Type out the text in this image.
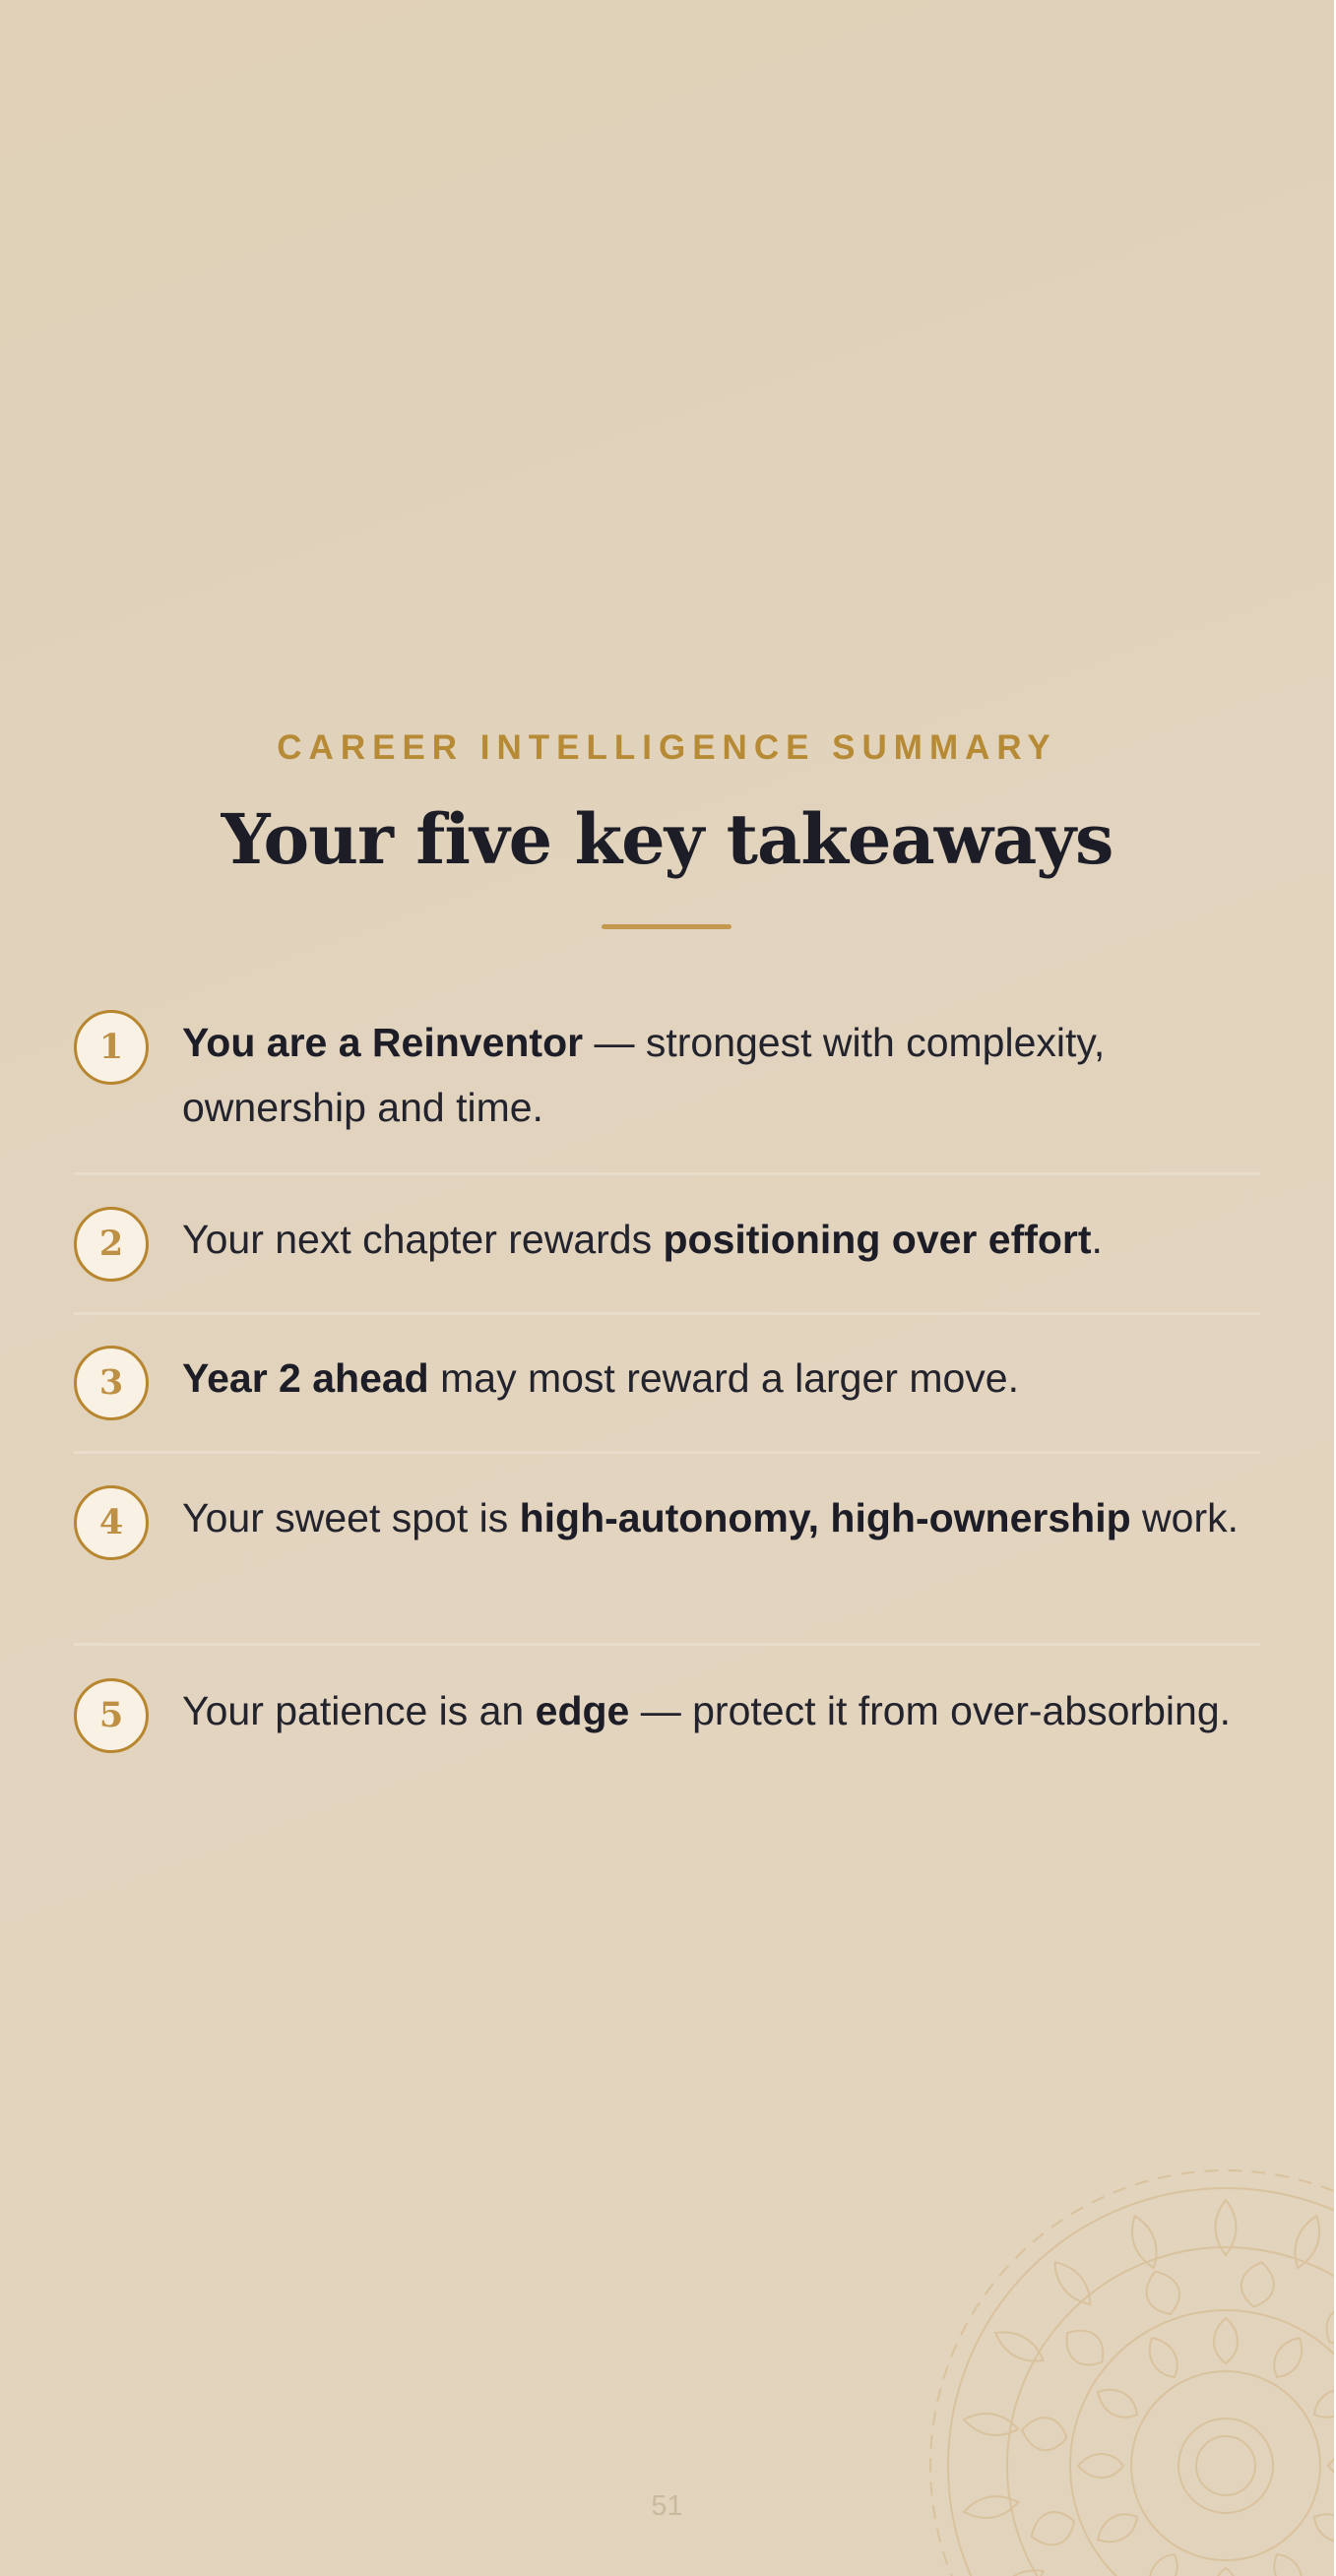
CAREER INTELLIGENCE SUMMARY
Your five key takeaways
1	You are a Reinventor — strongest with complexity, ownership and time.
2	Your next chapter rewards positioning over effort.
3	Year 2 ahead may most reward a larger move.
4	Your sweet spot is high-autonomy, high-ownership work.
5	Your patience is an edge — protect it from over-absorbing.
51
